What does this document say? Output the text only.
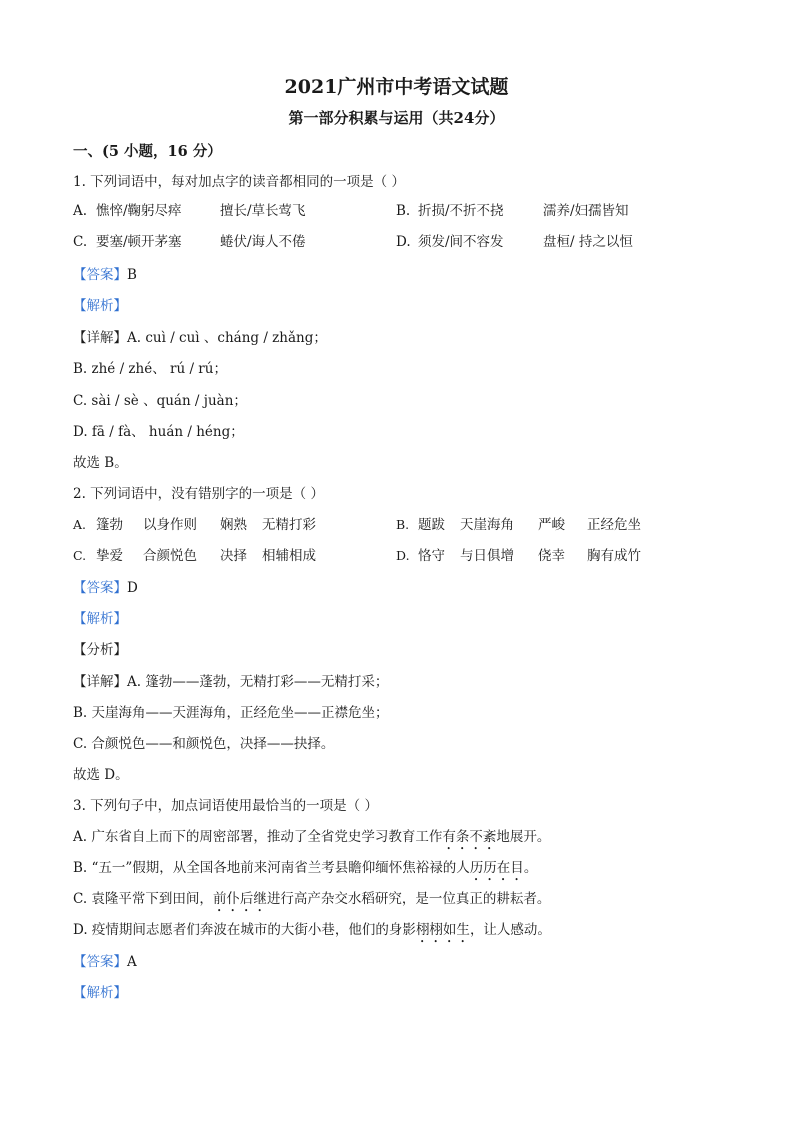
2021广州市中考语文试题
第一部分积累与运用（共24分）
一、(5 小题，16 分）
1. 下列词语中，每对加点字的读音都相同的一项是（ ）
A. 憔悴/鞠躬尽瘁	擅长/草长莺飞	B. 折损/不折不挠	濡养/妇孺皆知
C. 要塞/顿开茅塞	蜷伏/诲人不倦	D. 须发/间不容发	盘桓/ 持之以恒
【答案】B
【解析】
【详解】A. cuì / cuì 、cháng / zhǎng；
B. zhé / zhé、 rú / rú；
C. sài / sè 、quán / juàn；
D. fā / fà、 huán / héng；
故选 B。
2. 下列词语中，没有错别字的一项是（ ）
A. 篷勃 以身作则 娴熟 无精打彩	B. 题跋 天崖海角 严峻 正经危坐
C. 挚爱 合颜悦色 决择 相辅相成	D. 恪守 与日俱增 侥幸 胸有成竹
【答案】D
【解析】
【分析】
【详解】A. 篷勃——蓬勃，无精打彩——无精打采；
B. 天崖海角——天涯海角，正经危坐——正襟危坐；
C. 合颜悦色——和颜悦色，决择——抉择。
故选 D。
3. 下列句子中，加点词语使用最恰当的一项是（ ）
A. 广东省自上而下的周密部署，推动了全省党史学习教育工作有条不紊地展开。
B. “五一”假期，从全国各地前来河南省兰考县瞻仰缅怀焦裕禄的人历历在目。
C. 袁隆平常下到田间，前仆后继进行高产杂交水稻研究，是一位真正的耕耘者。
D. 疫情期间志愿者们奔波在城市的大街小巷，他们的身影栩栩如生，让人感动。
【答案】A
【解析】
